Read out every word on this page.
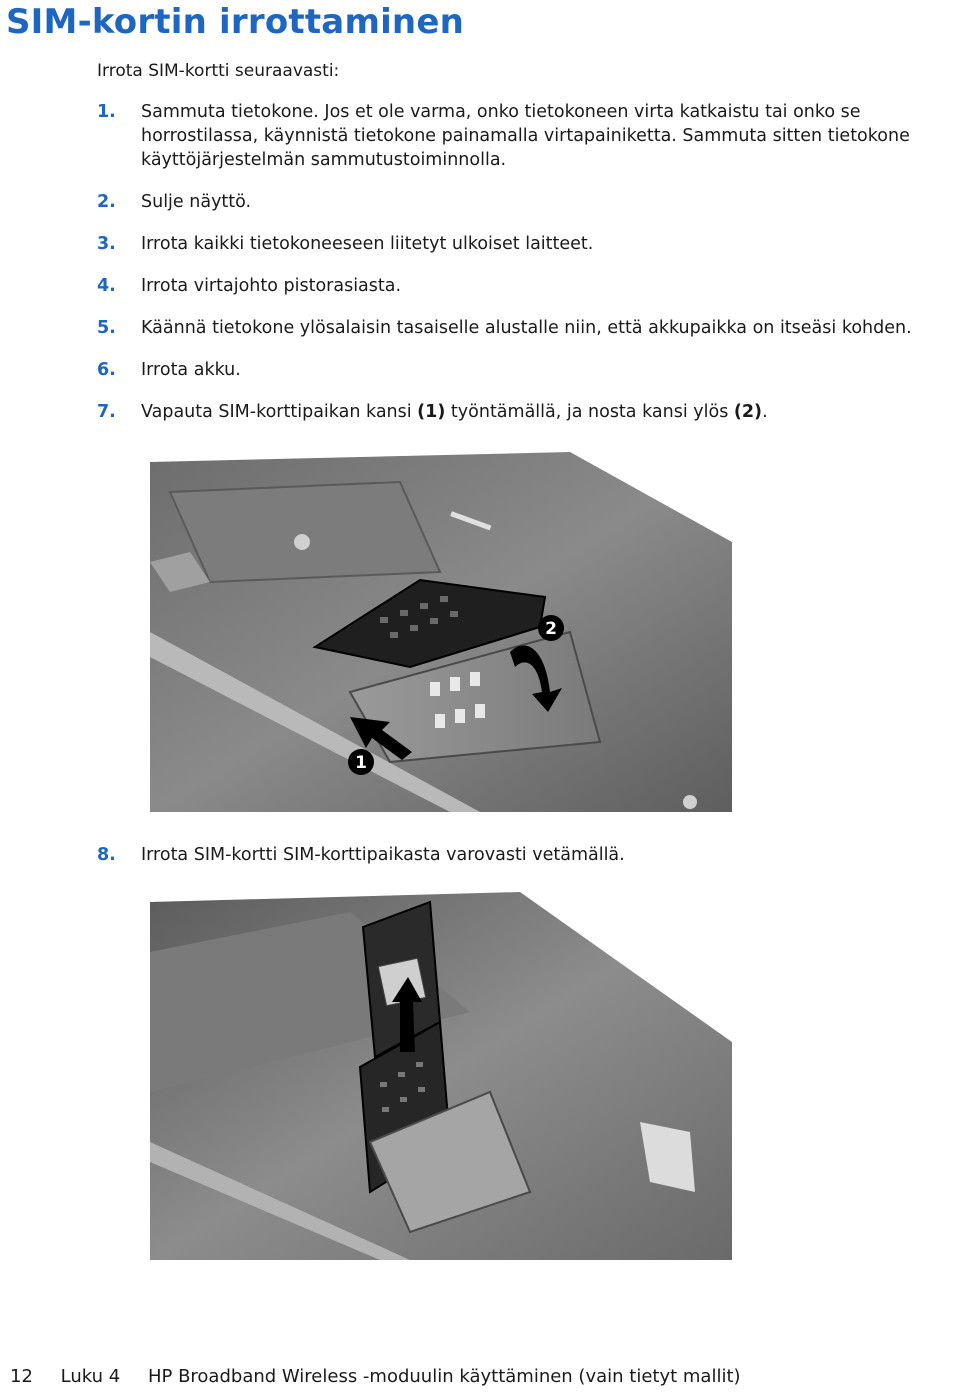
SIM-kortin irrottaminen
Irrota SIM-kortti seuraavasti:
1.	Sammuta tietokone. Jos et ole varma, onko tietokoneen virta katkaistu tai onko se horrostilassa, käynnistä tietokone painamalla virtapainiketta. Sammuta sitten tietokone käyttöjärjestelmän sammutustoiminnolla.
2.	Sulje näyttö.
3.	Irrota kaikki tietokoneeseen liitetyt ulkoiset laitteet.
4.	Irrota virtajohto pistorasiasta.
5.	Käännä tietokone ylösalaisin tasaiselle alustalle niin, että akkupaikka on itseäsi kohden.
6.	Irrota akku.
7.	Vapauta SIM-korttipaikan kansi (1) työntämällä, ja nosta kansi ylös (2).
2
1
8.	Irrota SIM-kortti SIM-korttipaikasta varovasti vetämällä.
12 Luku 4 HP Broadband Wireless -moduulin käyttäminen (vain tietyt mallit)
